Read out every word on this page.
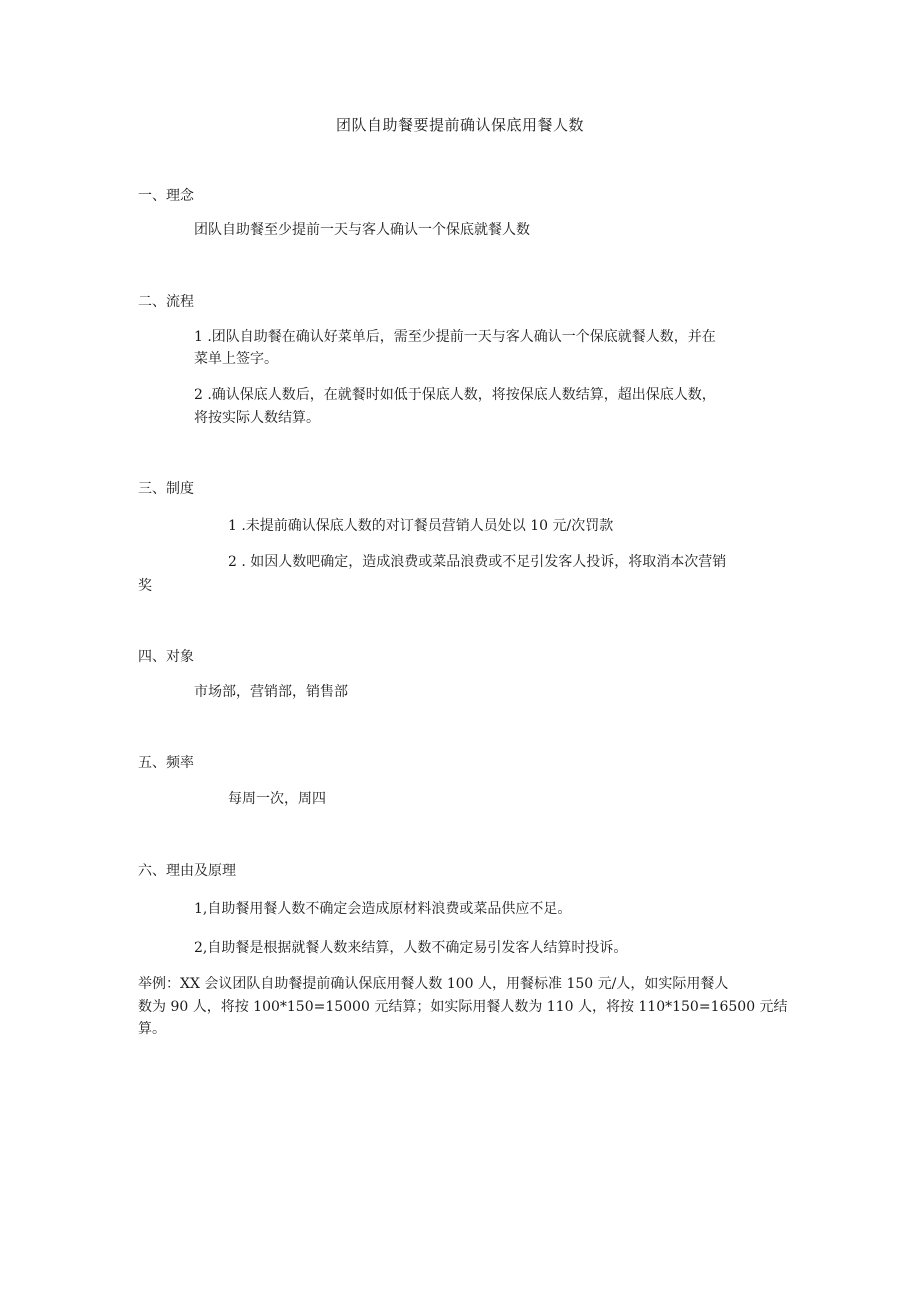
团队自助餐要提前确认保底用餐人数
一、理念
团队自助餐至少提前一天与客人确认一个保底就餐人数
二、流程
1 .团队自助餐在确认好菜单后，需至少提前一天与客人确认一个保底就餐人数，并在
菜单上签字。
2 .确认保底人数后，在就餐时如低于保底人数，将按保底人数结算，超出保底人数，
将按实际人数结算。
三、制度
1 .未提前确认保底人数的对订餐员营销人员处以 10 元/次罚款
2 . 如因人数吧确定，造成浪费或菜品浪费或不足引发客人投诉，将取消本次营销
奖
四、对象
市场部，营销部，销售部
五、频率
每周一次，周四
六、理由及原理
1,自助餐用餐人数不确定会造成原材料浪费或菜品供应不足。
2,自助餐是根据就餐人数来结算，人数不确定易引发客人结算时投诉。
举例：XX 会议团队自助餐提前确认保底用餐人数 100 人，用餐标准 150 元/人，如实际用餐人
数为 90 人，将按 100*150=15000 元结算；如实际用餐人数为 110 人，将按 110*150=16500 元结
算。
